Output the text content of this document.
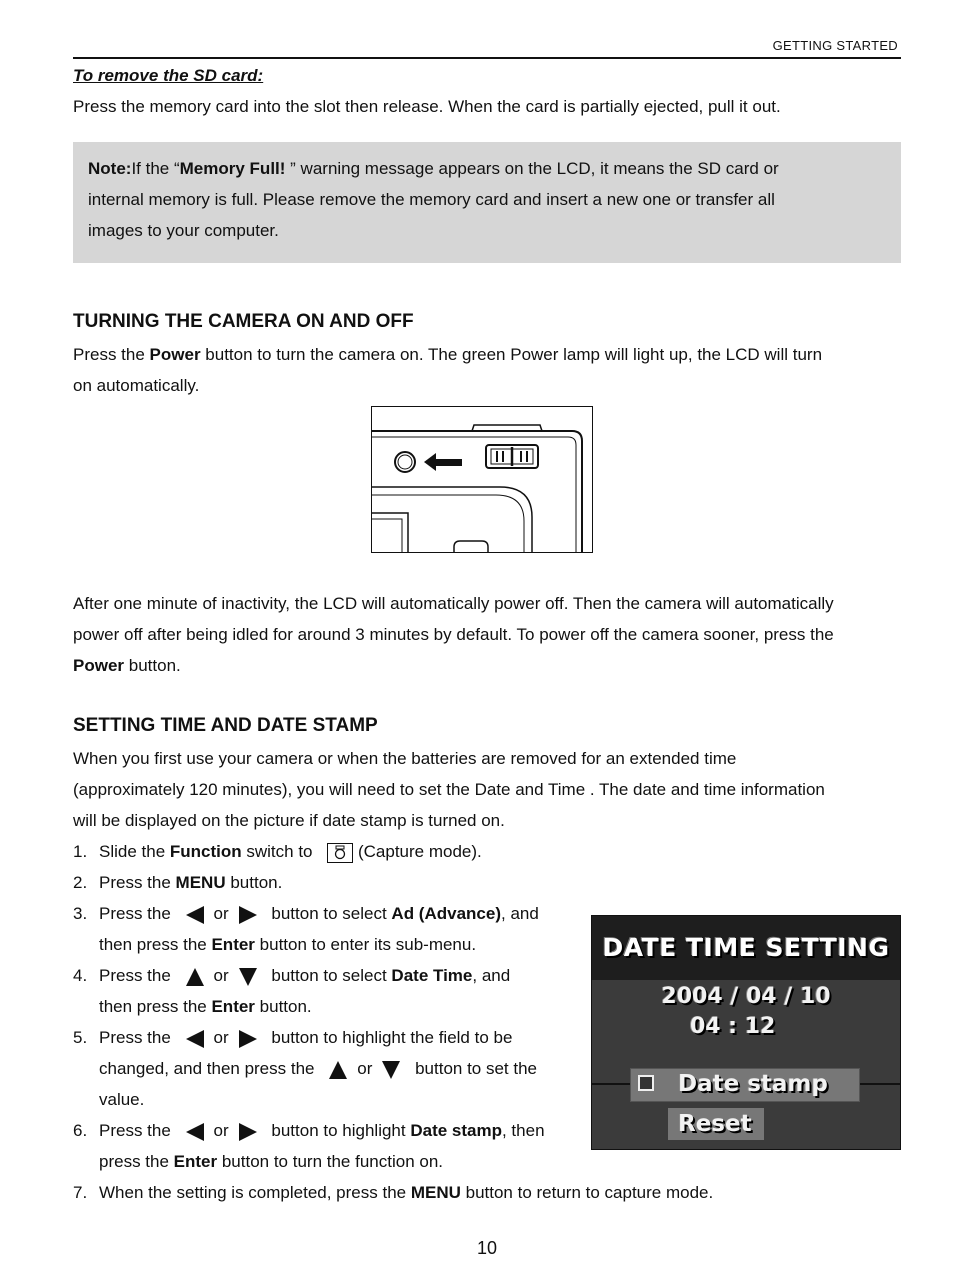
GETTING STARTED
To remove the SD card:
Press the memory card into the slot then release. When the card is partially ejected, pull it out.
Note:If the “Memory Full! ” warning message appears on the LCD, it means the SD card or
internal memory is full. Please remove the memory card and insert a new one or transfer all
images to your computer.
TURNING THE CAMERA ON AND OFF
Press the Power button to turn the camera on. The green Power lamp will light up, the LCD will turn
on automatically.
After one minute of inactivity, the LCD will automatically power off. Then the camera will automatically
power off after being idled for around 3 minutes by default. To power off the camera sooner, press the
Power button.
SETTING TIME AND DATE STAMP
When you first use your camera or when the batteries are removed for an extended time
(approximately 120 minutes), you will need to set the Date and Time . The date and time information
will be displayed on the picture if date stamp is turned on.
1. Slide the Function switch to
(Capture mode).
2. Press the MENU button.
3. Press the or button to select Ad (Advance), and
then press the Enter button to enter its sub-menu.
4. Press the or button to select Date Time, and
then press the Enter button.
5. Press the or button to highlight the field to be
changed, and then press the or button to set the
value.
6. Press the or button to highlight Date stamp, then
press the Enter button to turn the function on.
7. When the setting is completed, press the MENU button to return to capture mode.
DATE TIME SETTING
2004 / 04 / 10
04 : 12
Date stamp
Reset
10
